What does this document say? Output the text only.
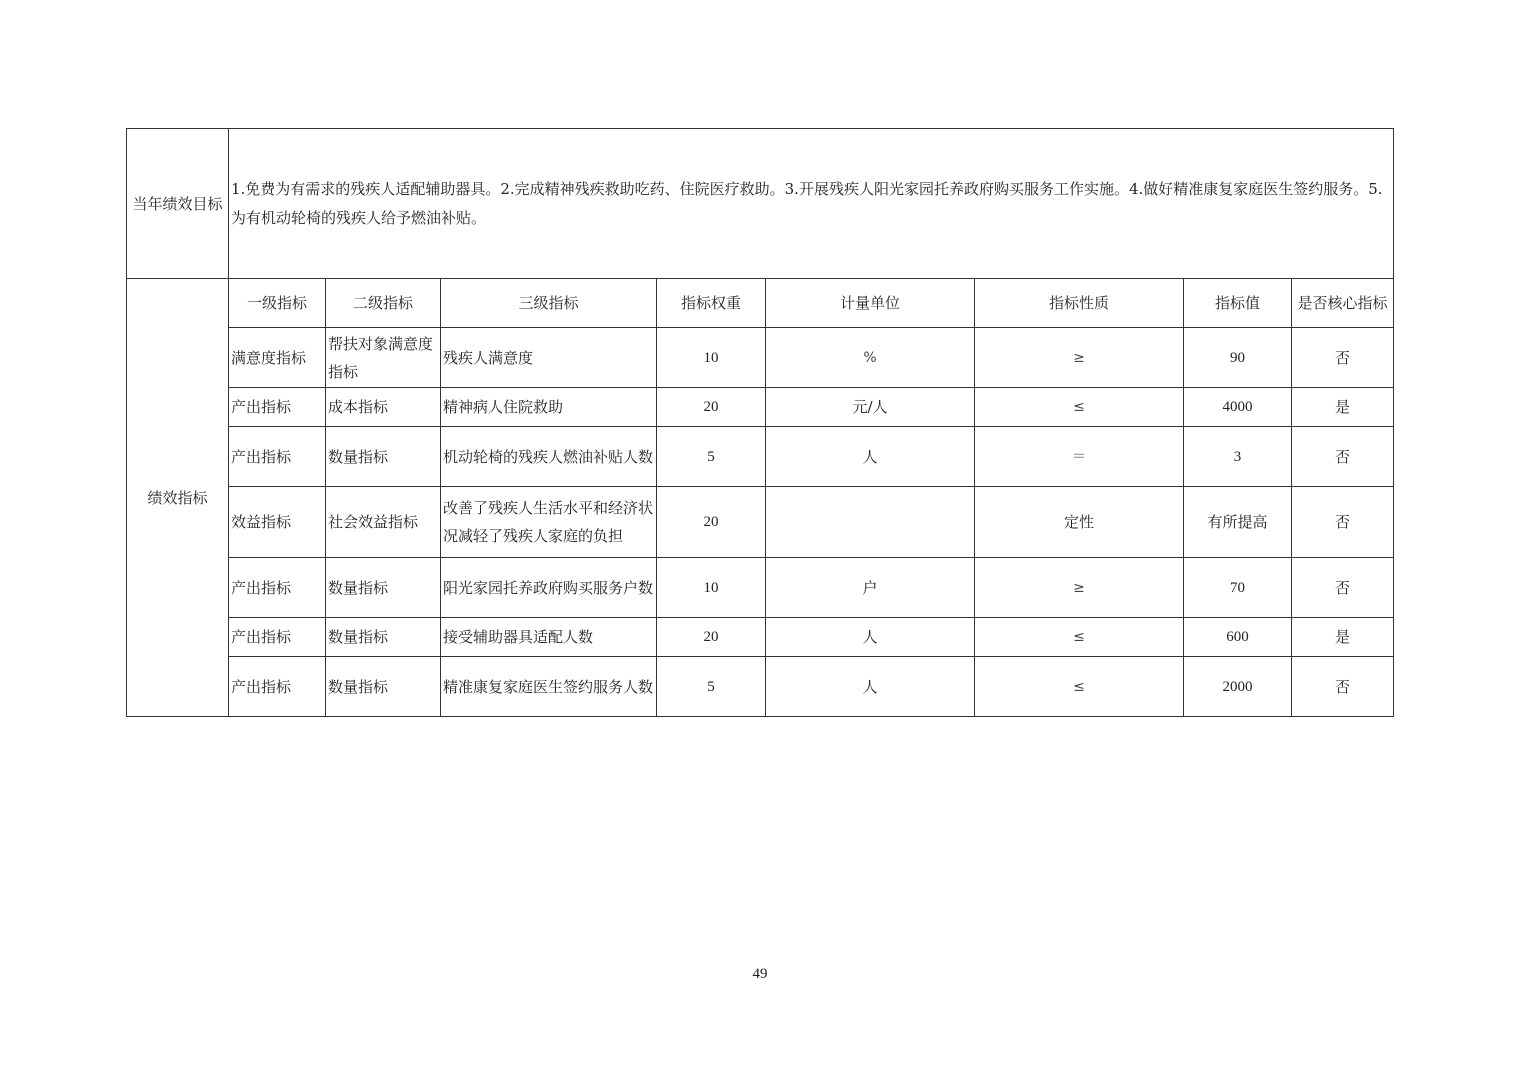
当年绩效目标	1.免费为有需求的残疾人适配辅助器具。2.完成精神残疾救助吃药、住院医疗救助。3.开展残疾人阳光家园托养政府购买服务工作实施。4.做好精准康复家庭医生签约服务。5.为有机动轮椅的残疾人给予燃油补贴。							
绩效指标	一级指标	二级指标	三级指标	指标权重	计量单位	指标性质	指标值	是否核心指标
	满意度指标	帮扶对象满意度指标	残疾人满意度	10	%	≥	90	否
	产出指标	成本指标	精神病人住院救助	20	元/人	≤	4000	是
	产出指标	数量指标	机动轮椅的残疾人燃油补贴人数	5	人	＝	3	否
	效益指标	社会效益指标	改善了残疾人生活水平和经济状况减轻了残疾人家庭的负担	20		定性	有所提高	否
	产出指标	数量指标	阳光家园托养政府购买服务户数	10	户	≥	70	否
	产出指标	数量指标	接受辅助器具适配人数	20	人	≤	600	是
	产出指标	数量指标	精准康复家庭医生签约服务人数	5	人	≤	2000	否
49
